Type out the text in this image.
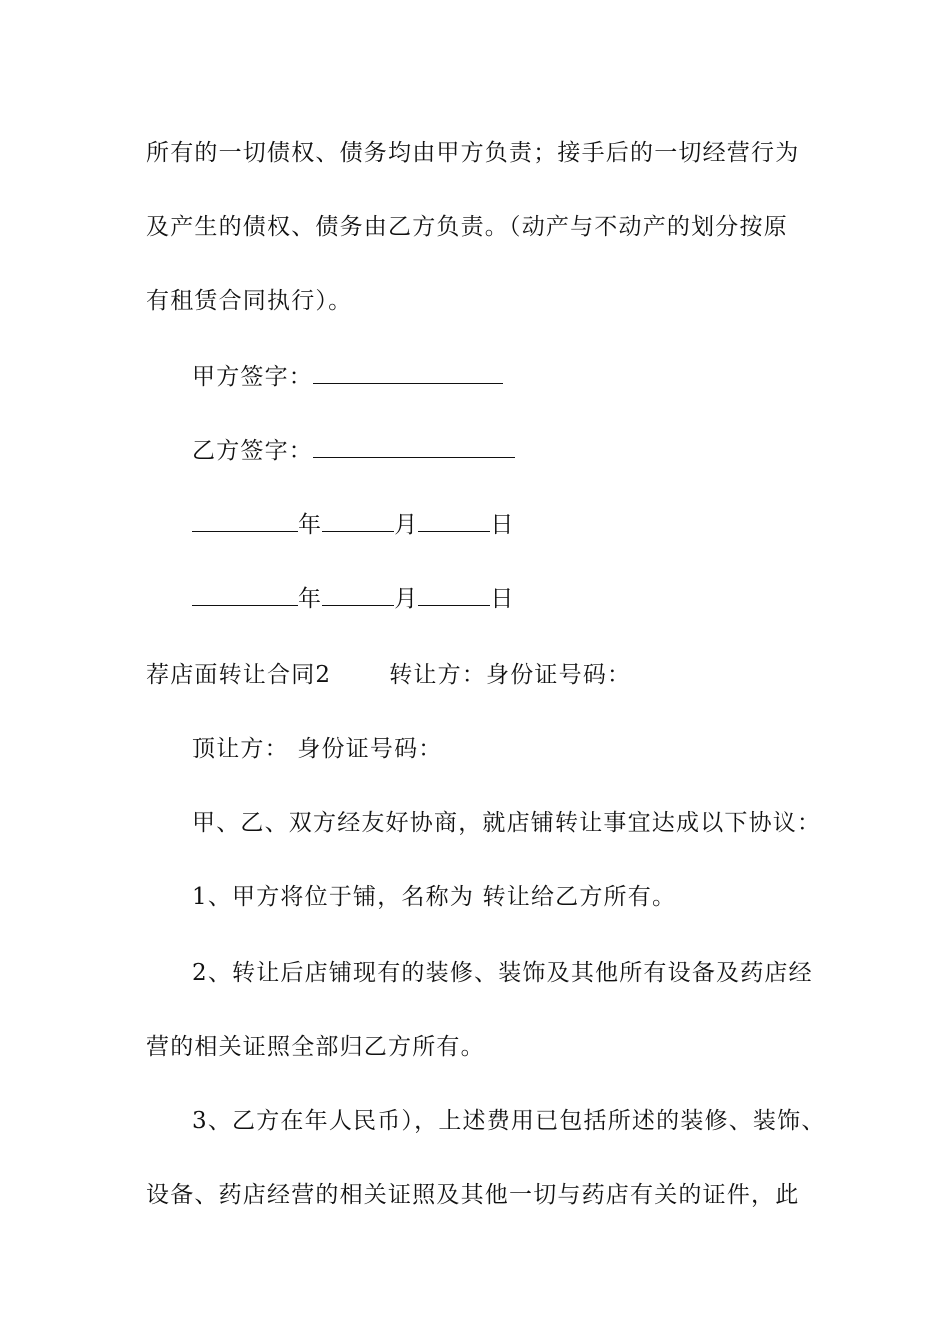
所有的一切债权、债务均由甲方负责；接手后的一切经营行为
及产生的债权、债务由乙方负责。（动产与不动产的划分按原
有租赁合同执行）。
甲方签字：
乙方签字：
年	月	日
年	月	日
荐店面转让合同2	转让方：身份证号码：
顶让方： 身份证号码：
甲、乙、双方经友好协商，就店铺转让事宜达成以下协议：
1、甲方将位于铺，名称为 转让给乙方所有。
2、转让后店铺现有的装修、装饰及其他所有设备及药店经
营的相关证照全部归乙方所有。
3、乙方在年人民币），上述费用已包括所述的装修、装饰、
设备、药店经营的相关证照及其他一切与药店有关的证件，此
